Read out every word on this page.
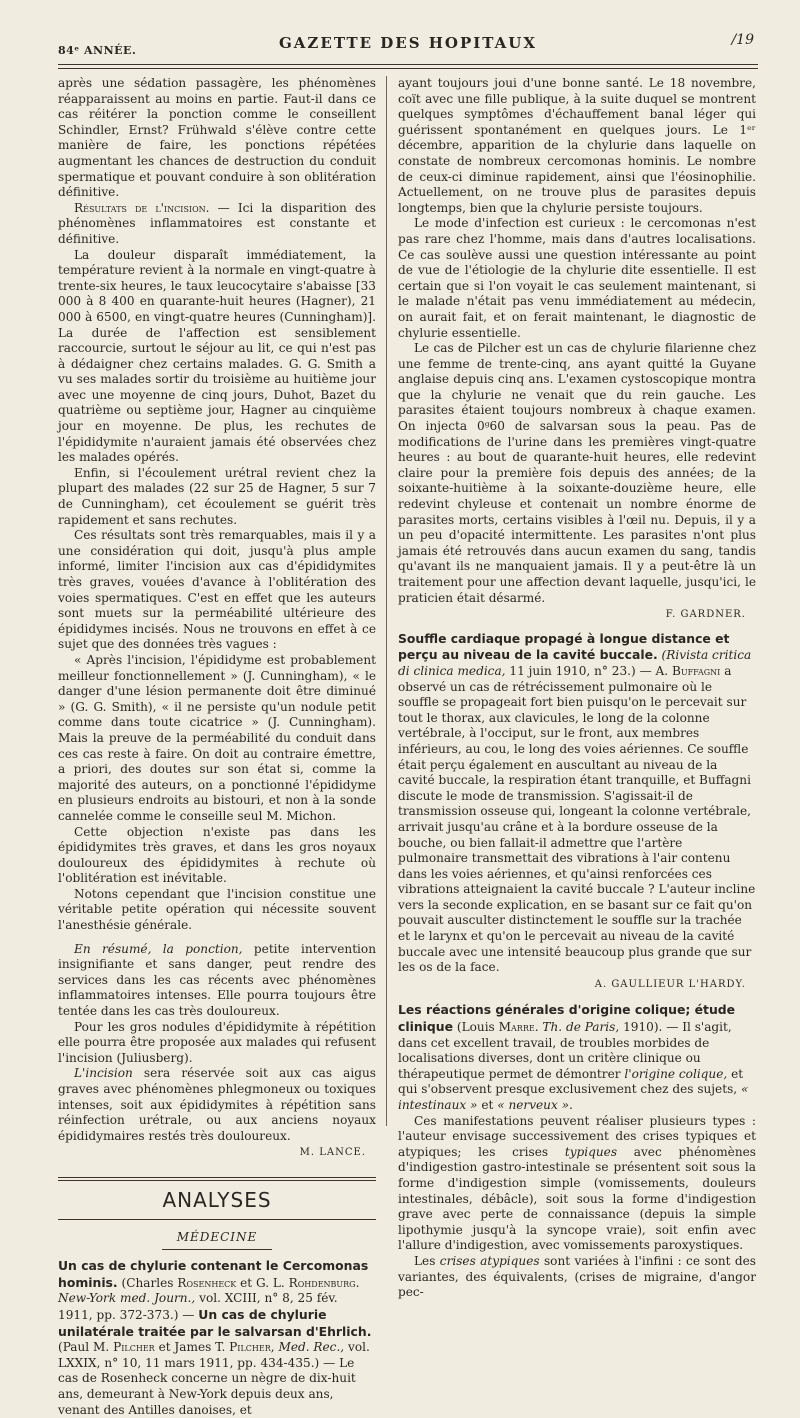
84ᵉ ANNÉE.	GAZETTE DES HOPITAUX	/19

après une sédation passagère, les phénomènes réapparaissent au moins en partie. Faut-il dans ce cas réitérer la ponction comme le conseillent Schindler, Ernst? Frühwald s'élève contre cette manière de faire, les ponctions répétées augmentant les chances de destruction du conduit spermatique et pouvant conduire à son oblitération définitive.

Résultats de l'incision. — Ici la disparition des phénomènes inflammatoires est constante et définitive.

La douleur disparaît immédiatement, la température revient à la normale en vingt-quatre à trente-six heures, le taux leucocytaire s'abaisse [33 000 à 8 400 en quarante-huit heures (Hagner), 21 000 à 6500, en vingt-quatre heures (Cunningham)]. La durée de l'affection est sensiblement raccourcie, surtout le séjour au lit, ce qui n'est pas à dédaigner chez certains malades. G. G. Smith a vu ses malades sortir du troisième au huitième jour avec une moyenne de cinq jours, Duhot, Bazet du quatrième ou septième jour, Hagner au cinquième jour en moyenne. De plus, les rechutes de l'épididymite n'auraient jamais été observées chez les malades opérés.

Enfin, si l'écoulement urétral revient chez la plupart des malades (22 sur 25 de Hagner, 5 sur 7 de Cunningham), cet écoulement se guérit très rapidement et sans rechutes.

Ces résultats sont très remarquables, mais il y a une considération qui doit, jusqu'à plus ample informé, limiter l'incision aux cas d'épididymites très graves, vouées d'avance à l'oblitération des voies spermatiques. C'est en effet que les auteurs sont muets sur la perméabilité ultérieure des épididymes incisés. Nous ne trouvons en effet à ce sujet que des données très vagues :

« Après l'incision, l'épididyme est probablement meilleur fonctionnellement » (J. Cunningham), « le danger d'une lésion permanente doit être diminué » (G. G. Smith), « il ne persiste qu'un nodule petit comme dans toute cicatrice » (J. Cunningham). Mais la preuve de la perméabilité du conduit dans ces cas reste à faire. On doit au contraire émettre, a priori, des doutes sur son état si, comme la majorité des auteurs, on a ponctionné l'épididyme en plusieurs endroits au bistouri, et non à la sonde cannelée comme le conseille seul M. Michon.

Cette objection n'existe pas dans les épididymites très graves, et dans les gros noyaux douloureux des épididymites à rechute où l'oblitération est inévitable.

Notons cependant que l'incision constitue une véritable petite opération qui nécessite souvent l'anesthésie générale.

En résumé, la ponction, petite intervention insignifiante et sans danger, peut rendre des services dans les cas récents avec phénomènes inflammatoires intenses. Elle pourra toujours être tentée dans les cas très douloureux.

Pour les gros nodules d'épididymite à répétition elle pourra être proposée aux malades qui refusent l'incision (Juliusberg).

L'incision sera réservée soit aux cas aigus graves avec phénomènes phlegmoneux ou toxiques intenses, soit aux épididymites à répétition sans réinfection urétrale, ou aux anciens noyaux épididymaires restés très douloureux.

M. LANCE.

ANALYSES
MÉDECINE

Un cas de chylurie contenant le Cercomonas hominis. (Charles Rosenheck et G. L. Rohdenburg. New-York med. Journ., vol. XCIII, n° 8, 25 fév. 1911, pp. 372-373.) — Un cas de chylurie unilatérale traitée par le salvarsan d'Ehrlich. (Paul M. Pilcher et James T. Pilcher, Med. Rec., vol. LXXIX, n° 10, 11 mars 1911, pp. 434-435.) — Le cas de Rosenheck concerne un nègre de dix-huit ans, demeurant à New-York depuis deux ans, venant des Antilles danoises, et

ayant toujours joui d'une bonne santé. Le 18 novembre, coït avec une fille publique, à la suite duquel se montrent quelques symptômes d'échauffement banal léger qui guérissent spontanément en quelques jours. Le 1ᵉʳ décembre, apparition de la chylurie dans laquelle on constate de nombreux cercomonas hominis. Le nombre de ceux-ci diminue rapidement, ainsi que l'éosinophilie. Actuellement, on ne trouve plus de parasites depuis longtemps, bien que la chylurie persiste toujours.

Le mode d'infection est curieux : le cercomonas n'est pas rare chez l'homme, mais dans d'autres localisations. Ce cas soulève aussi une question intéressante au point de vue de l'étiologie de la chylurie dite essentielle. Il est certain que si l'on voyait le cas seulement maintenant, si le malade n'était pas venu immédiatement au médecin, on aurait fait, et on ferait maintenant, le diagnostic de chylurie essentielle.

Le cas de Pilcher est un cas de chylurie filarienne chez une femme de trente-cinq, ans ayant quitté la Guyane anglaise depuis cinq ans. L'examen cystoscopique montra que la chylurie ne venait que du rein gauche. Les parasites étaient toujours nombreux à chaque examen. On injecta 0ᵍ60 de salvarsan sous la peau. Pas de modifications de l'urine dans les premières vingt-quatre heures : au bout de quarante-huit heures, elle redevint claire pour la première fois depuis des années; de la soixante-huitième à la soixante-douzième heure, elle redevint chyleuse et contenait un nombre énorme de parasites morts, certains visibles à l'œil nu. Depuis, il y a un peu d'opacité intermittente. Les parasites n'ont plus jamais été retrouvés dans aucun examen du sang, tandis qu'avant ils ne manquaient jamais. Il y a peut-être là un traitement pour une affection devant laquelle, jusqu'ici, le praticien était désarmé.

F. GARDNER.

Souffle cardiaque propagé à longue distance et perçu au niveau de la cavité buccale. (Rivista critica di clinica medica, 11 juin 1910, n° 23.) — A. Buffagni a observé un cas de rétrécissement pulmonaire où le souffle se propageait fort bien puisqu'on le percevait sur tout le thorax, aux clavicules, le long de la colonne vertébrale, à l'occiput, sur le front, aux membres inférieurs, au cou, le long des voies aériennes. Ce souffle était perçu également en auscultant au niveau de la cavité buccale, la respiration étant tranquille, et Buffagni discute le mode de transmission. S'agissait-il de transmission osseuse qui, longeant la colonne vertébrale, arrivait jusqu'au crâne et à la bordure osseuse de la bouche, ou bien fallait-il admettre que l'artère pulmonaire transmettait des vibrations à l'air contenu dans les voies aériennes, et qu'ainsi renforcées ces vibrations atteignaient la cavité buccale ? L'auteur incline vers la seconde explication, en se basant sur ce fait qu'on pouvait ausculter distinctement le souffle sur la trachée et le larynx et qu'on le percevait au niveau de la cavité buccale avec une intensité beaucoup plus grande que sur les os de la face.

A. GAULLIEUR L'HARDY.

Les réactions générales d'origine colique; étude clinique (Louis Marre. Th. de Paris, 1910). — Il s'agit, dans cet excellent travail, de troubles morbides de localisations diverses, dont un critère clinique ou thérapeutique permet de démontrer l'origine colique, et qui s'observent presque exclusivement chez des sujets, « intestinaux » et « nerveux ».

Ces manifestations peuvent réaliser plusieurs types : l'auteur envisage successivement des crises typiques et atypiques; les crises typiques avec phénomènes d'indigestion gastro-intestinale se présentent soit sous la forme d'indigestion simple (vomissements, douleurs intestinales, débâcle), soit sous la forme d'indigestion grave avec perte de connaissance (depuis la simple lipothymie jusqu'à la syncope vraie), soit enfin avec l'allure d'indigestion, avec vomissements paroxystiques.

Les crises atypiques sont variées à l'infini : ce sont des variantes, des équivalents, (crises de migraine, d'angor pec-
